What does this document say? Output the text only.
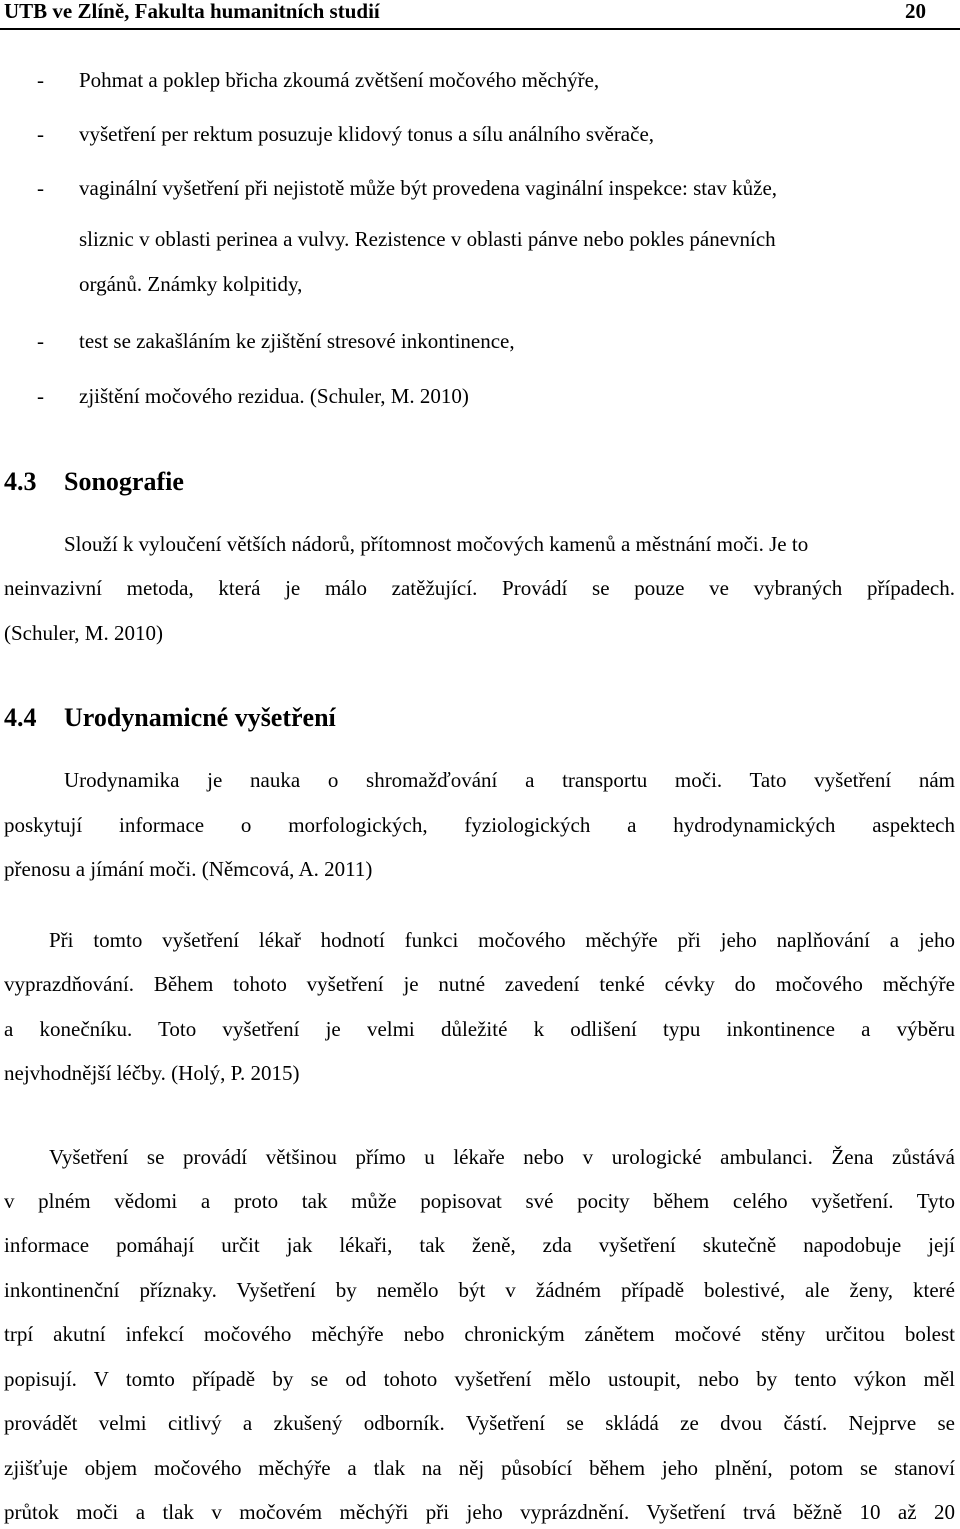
UTB ve Zlíně, Fakulta humanitních studií	20
- Pohmat a poklep břicha zkoumá zvětšení močového měchýře,
- vyšetření per rektum posuzuje klidový tonus a sílu análního svěrače,
- vaginální vyšetření při nejistotě může být provedena vaginální inspekce: stav kůže,
sliznic v oblasti perinea a vulvy. Rezistence v oblasti pánve nebo pokles pánevních
orgánů. Známky kolpitidy,
- test se zakašláním ke zjištění stresové inkontinence,
- zjištění močového rezidua. (Schuler, M. 2010)
4.3 Sonografie
Slouží k vyloučení větších nádorů, přítomnost močových kamenů a městnání moči. Je to
neinvazivní metoda, která je málo zatěžující. Provádí se pouze ve vybraných případech.
(Schuler, M. 2010)
4.4 Urodynamicné vyšetření
Urodynamika je nauka o shromažďování a transportu moči. Tato vyšetření nám
poskytují informace o morfologických, fyziologických a hydrodynamických aspektech
přenosu a jímání moči. (Němcová, A. 2011)
Při tomto vyšetření lékař hodnotí funkci močového měchýře při jeho naplňování a jeho
vyprazdňování. Během tohoto vyšetření je nutné zavedení tenké cévky do močového měchýře
a konečníku. Toto vyšetření je velmi důležité k odlišení typu inkontinence a výběru
nejvhodnější léčby. (Holý, P. 2015)
Vyšetření se provádí většinou přímo u lékaře nebo v urologické ambulanci. Žena zůstává
v plném vědomi a proto tak může popisovat své pocity během celého vyšetření. Tyto
informace pomáhají určit jak lékaři, tak ženě, zda vyšetření skutečně napodobuje její
inkontinenční příznaky. Vyšetření by nemělo být v žádném případě bolestivé, ale ženy, které
trpí akutní infekcí močového měchýře nebo chronickým zánětem močové stěny určitou bolest
popisují. V tomto případě by se od tohoto vyšetření mělo ustoupit, nebo by tento výkon měl
provádět velmi citlivý a zkušený odborník. Vyšetření se skládá ze dvou částí. Nejprve se
zjišťuje objem močového měchýře a tlak na něj působící během jeho plnění, potom se stanoví
průtok moči a tlak v močovém měchýři při jeho vyprázdnění. Vyšetření trvá běžně 10 až 20
